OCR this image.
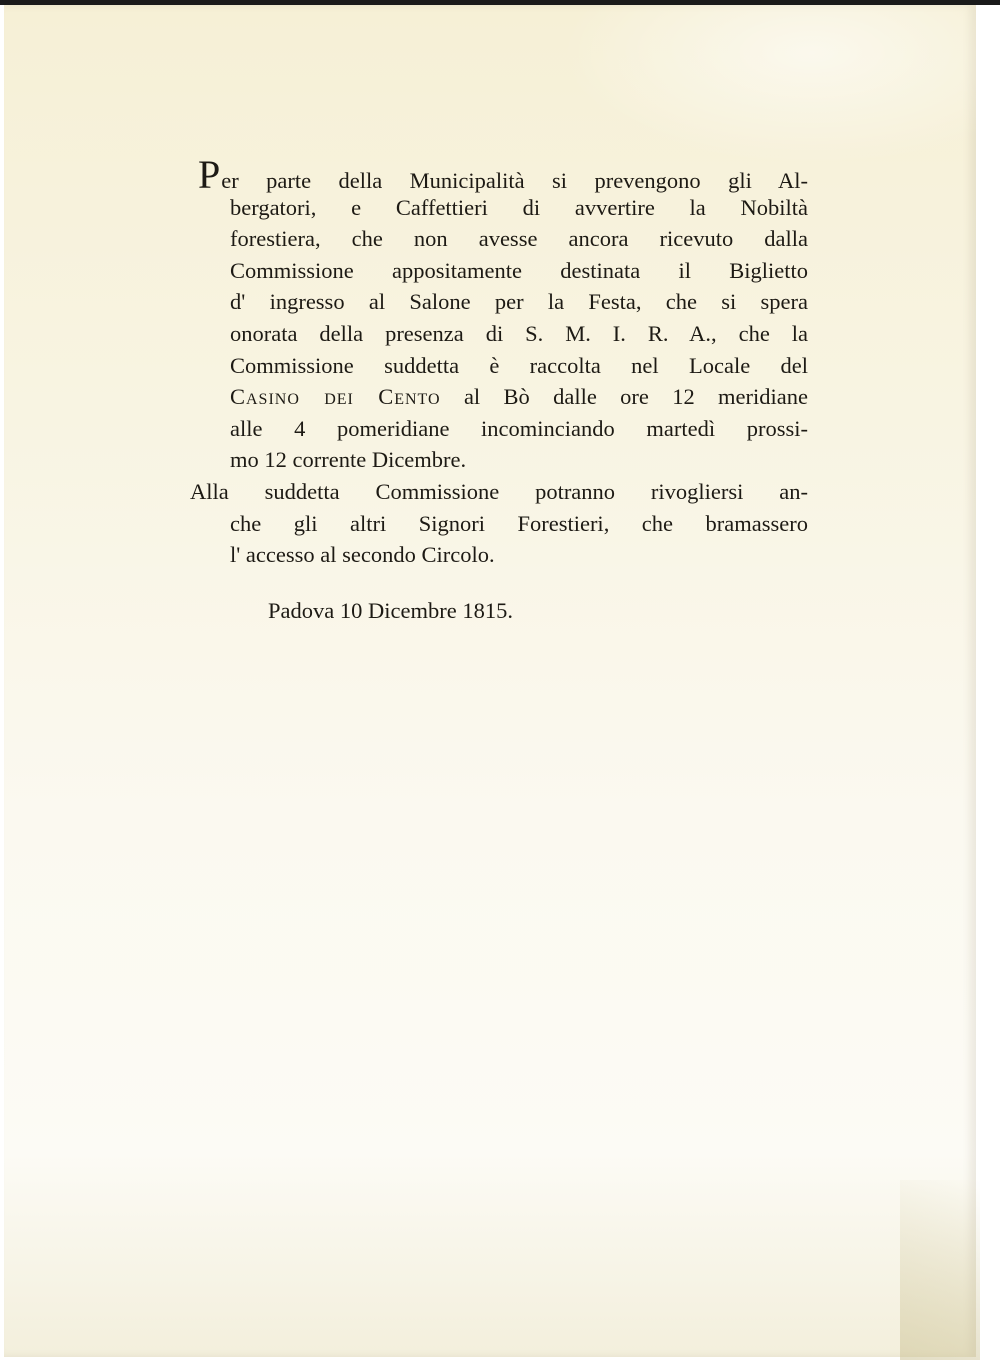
Per parte della Municipalità si prevengono gli Al-
bergatori, e Caffettieri di avvertire la Nobiltà
forestiera, che non avesse ancora ricevuto dalla
Commissione appositamente destinata il Biglietto
d' ingresso al Salone per la Festa, che si spera
onorata della presenza di S. M. I. R. A., che la
Commissione suddetta è raccolta nel Locale del
Casino dei Cento al Bò dalle ore 12 meridiane
alle 4 pomeridiane incominciando martedì prossi-
mo 12 corrente Dicembre.
Alla suddetta Commissione potranno rivogliersi an-
che gli altri Signori Forestieri, che bramassero
l' accesso al secondo Circolo.
Padova 10 Dicembre 1815.
